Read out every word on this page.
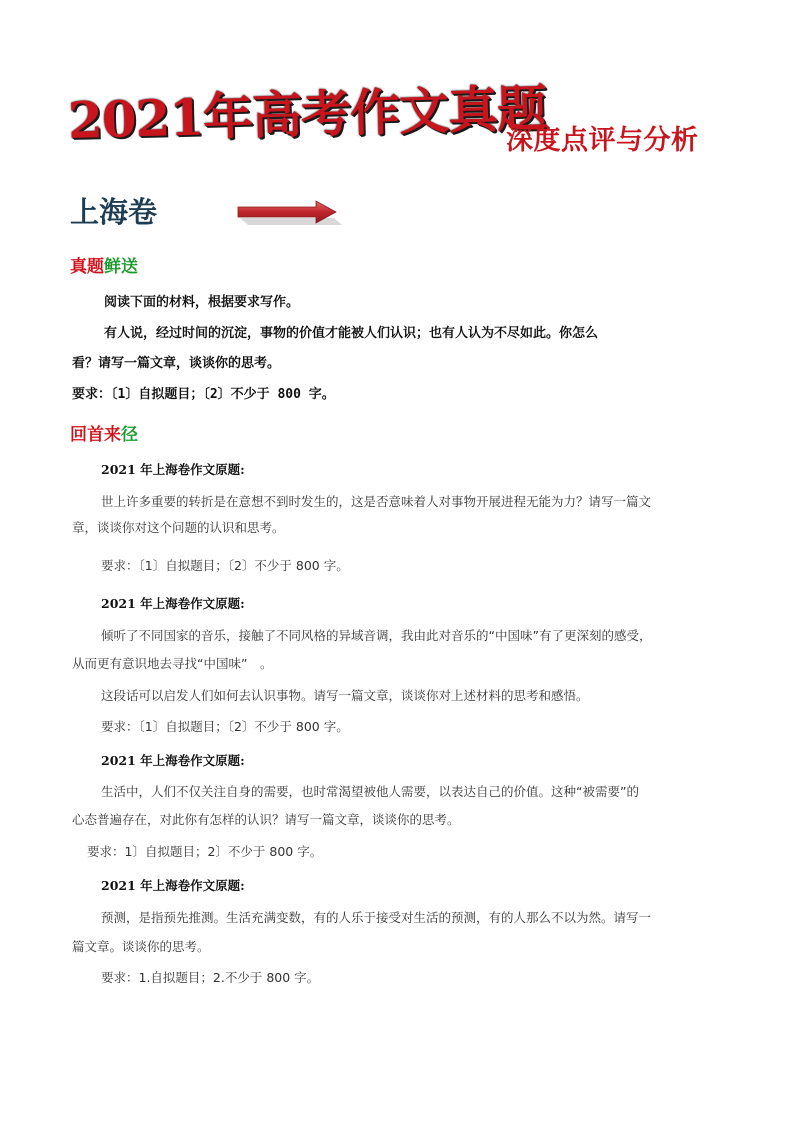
2021年高考作文真题
深度点评与分析
上海卷
真题鲜送
阅读下面的材料，根据要求写作。
有人说，经过时间的沉淀，事物的价值才能被人们认识；也有人认为不尽如此。你怎么
看？请写一篇文章，谈谈你的思考。
要求：〔1〕自拟题目；〔2〕不少于 800 字。
回首来径
2021 年上海卷作文原题:
世上许多重要的转折是在意想不到时发生的，这是否意味着人对事物开展进程无能为力？请写一篇文
章，谈谈你对这个问题的认识和思考。
要求：〔1〕自拟题目；〔2〕不少于 800 字。
2021 年上海卷作文原题:
倾听了不同国家的音乐，接触了不同风格的异域音调，我由此对音乐的“中国味”有了更深刻的感受，
从而更有意识地去寻找“中国味”　。
这段话可以启发人们如何去认识事物。请写一篇文章，谈谈你对上述材料的思考和感悟。
要求：〔1〕自拟题目；〔2〕不少于 800 字。
2021 年上海卷作文原题:
生活中，人们不仅关注自身的需要，也时常渴望被他人需要，以表达自己的价值。这种“被需要”的
心态普遍存在，对此你有怎样的认识？请写一篇文章，谈谈你的思考。
要求：1〕自拟题目；2〕不少于 800 字。
2021 年上海卷作文原题:
预测，是指预先推测。生活充满变数，有的人乐于接受对生活的预测，有的人那么不以为然。请写一
篇文章。谈谈你的思考。
要求：1.自拟题目；2.不少于 800 字。
